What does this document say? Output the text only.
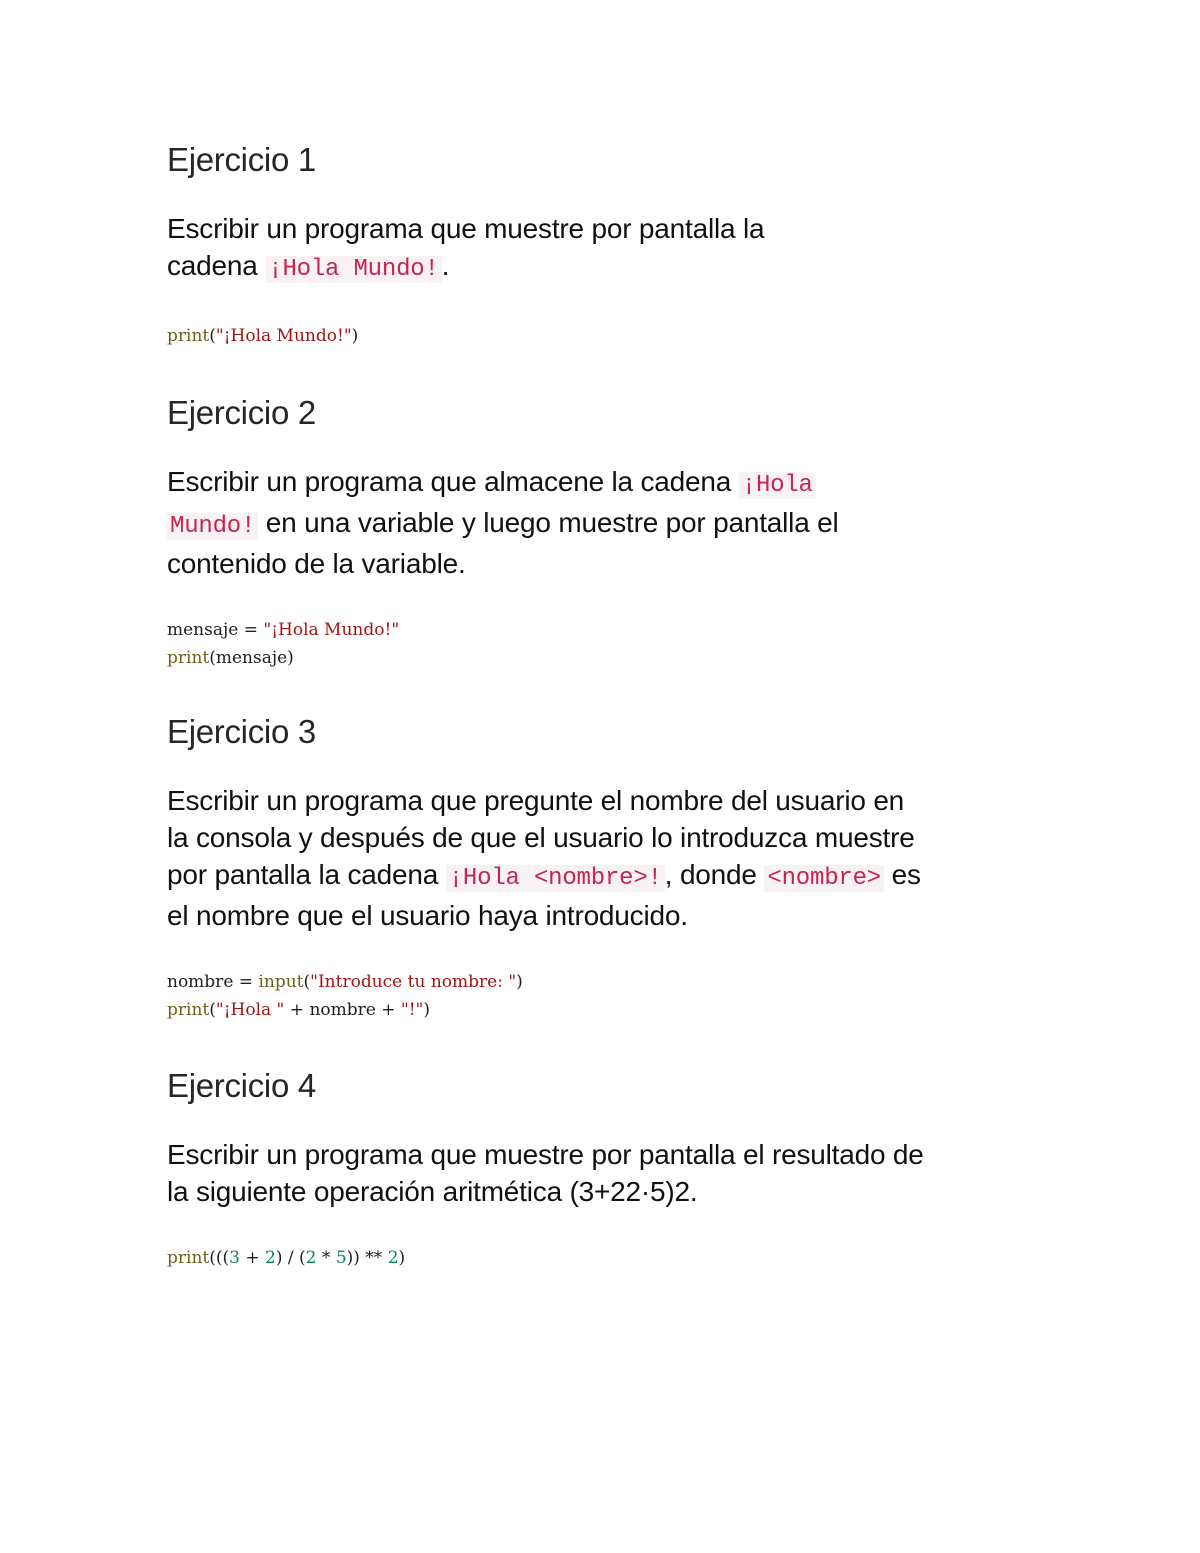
Ejercicio 1

Escribir un programa que muestre por pantalla la
cadena ¡Hola Mundo! .

print("¡Hola Mundo!")
Ejercicio 2

Escribir un programa que almacene la cadena ¡Hola
Mundo! en una variable y luego muestre por pantalla el
contenido de la variable.

mensaje = "¡Hola Mundo!"
print(mensaje)
Ejercicio 3

Escribir un programa que pregunte el nombre del usuario en
la consola y después de que el usuario lo introduzca muestre
por pantalla la cadena ¡Hola <nombre>! , donde <nombre> es
el nombre que el usuario haya introducido.

nombre = input("Introduce tu nombre: ")
print("¡Hola " + nombre + "!")
Ejercicio 4

Escribir un programa que muestre por pantalla el resultado de
la siguiente operación aritmética (3+22·5)2.

print(((3 + 2) / (2 * 5)) ** 2)
